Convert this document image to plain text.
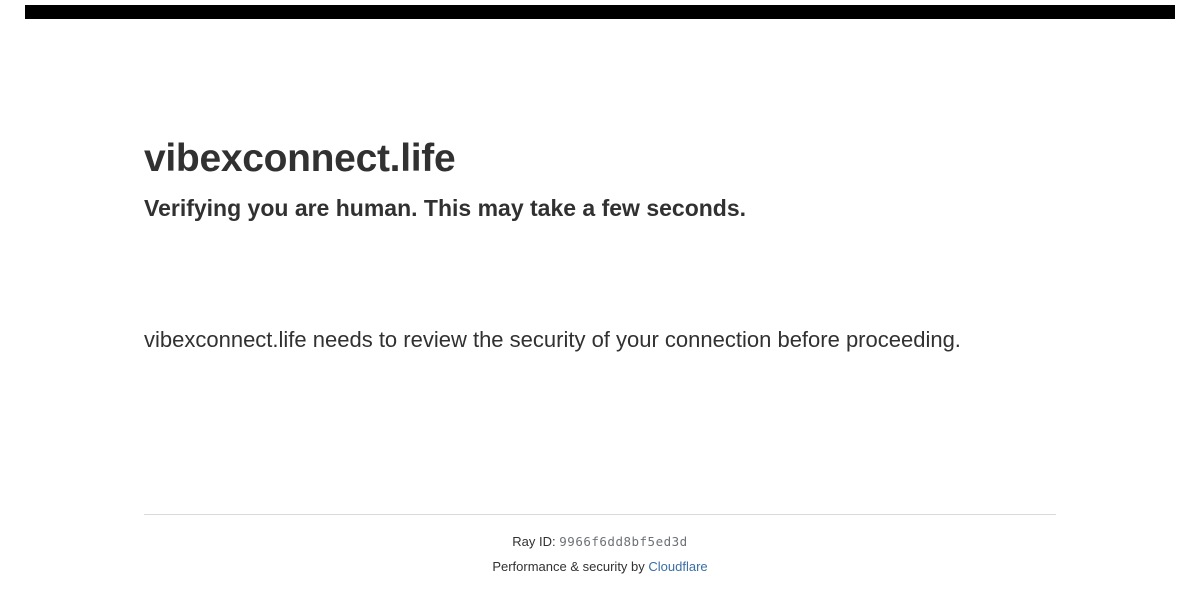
vibexconnect.life
Verifying you are human. This may take a few seconds.

vibexconnect.life needs to review the security of your connection before proceeding.

Ray ID: 9966f6dd8bf5ed3d
Performance & security by Cloudflare
